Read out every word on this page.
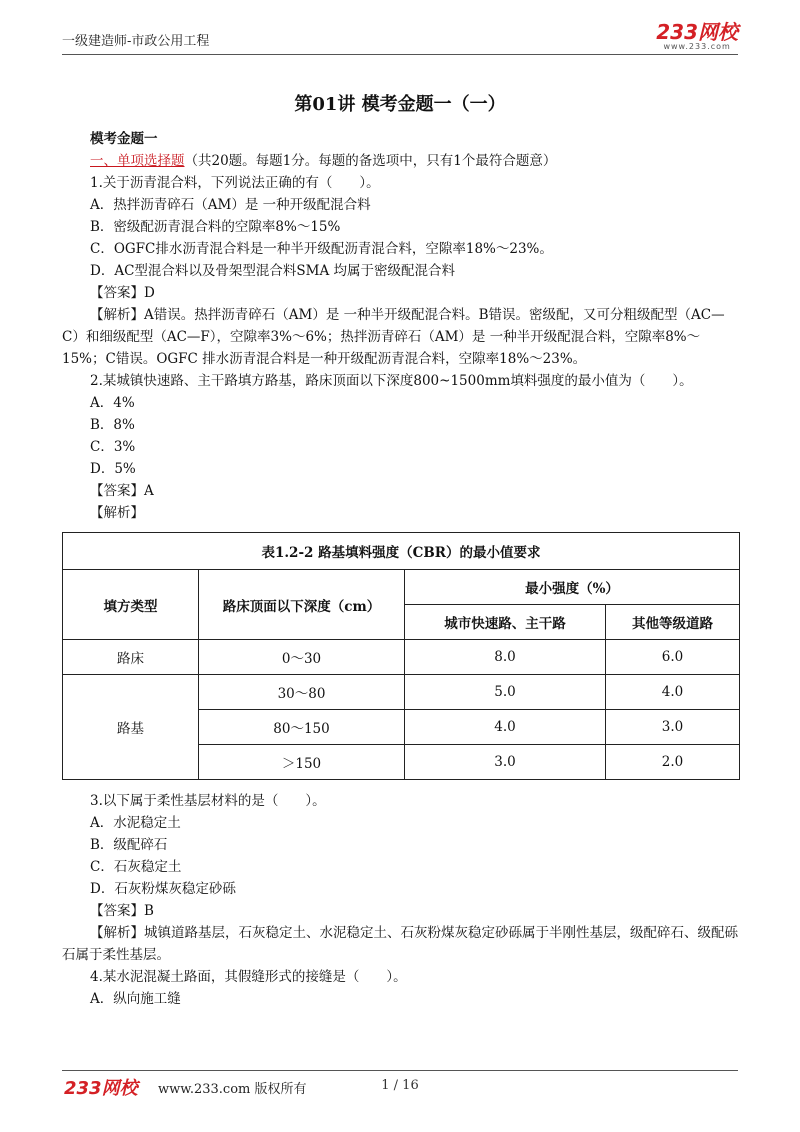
一级建造师-市政公用工程	233网校
www.233.com
第01讲 模考金题一（一）
模考金题一
一、单项选择题（共20题。每题1分。每题的备选项中，只有1个最符合题意）
1.关于沥青混合料，下列说法正确的有（　　）。
A．热拌沥青碎石（AM）是 一种开级配混合料
B．密级配沥青混合料的空隙率8%～15%
C．OGFC排水沥青混合料是一种半开级配沥青混合料，空隙率18%～23%。
D．AC型混合料以及骨架型混合料SMA 均属于密级配混合料
【答案】D
【解析】A错误。热拌沥青碎石（AM）是 一种半开级配混合料。B错误。密级配，又可分粗级配型（AC—C）和细级配型（AC—F），空隙率3%～6%；热拌沥青碎石（AM）是 一种半开级配混合料，空隙率8%～15%；C错误。OGFC 排水沥青混合料是一种开级配沥青混合料，空隙率18%～23%。
2.某城镇快速路、主干路填方路基，路床顶面以下深度800~1500mm填料强度的最小值为（　　）。
A．4%
B．8%
C．3%
D．5%
【答案】A
【解析】
表1.2-2 路基填料强度（CBR）的最小值要求			
填方类型	路床顶面以下深度（cm）	最小强度（%）	
		城市快速路、主干路	其他等级道路
路床	0～30	8.0	6.0
路基	30～80	5.0	4.0
	80～150	4.0	3.0
	＞150	3.0	2.0
3.以下属于柔性基层材料的是（　　）。
A．水泥稳定土
B．级配碎石
C．石灰稳定土
D．石灰粉煤灰稳定砂砾
【答案】B
【解析】城镇道路基层，石灰稳定土、水泥稳定土、石灰粉煤灰稳定砂砾属于半刚性基层，级配碎石、级配砾石属于柔性基层。
4.某水泥混凝土路面，其假缝形式的接缝是（　　）。
A．纵向施工缝
233网校 www.233.com 版权所有	1 / 16
